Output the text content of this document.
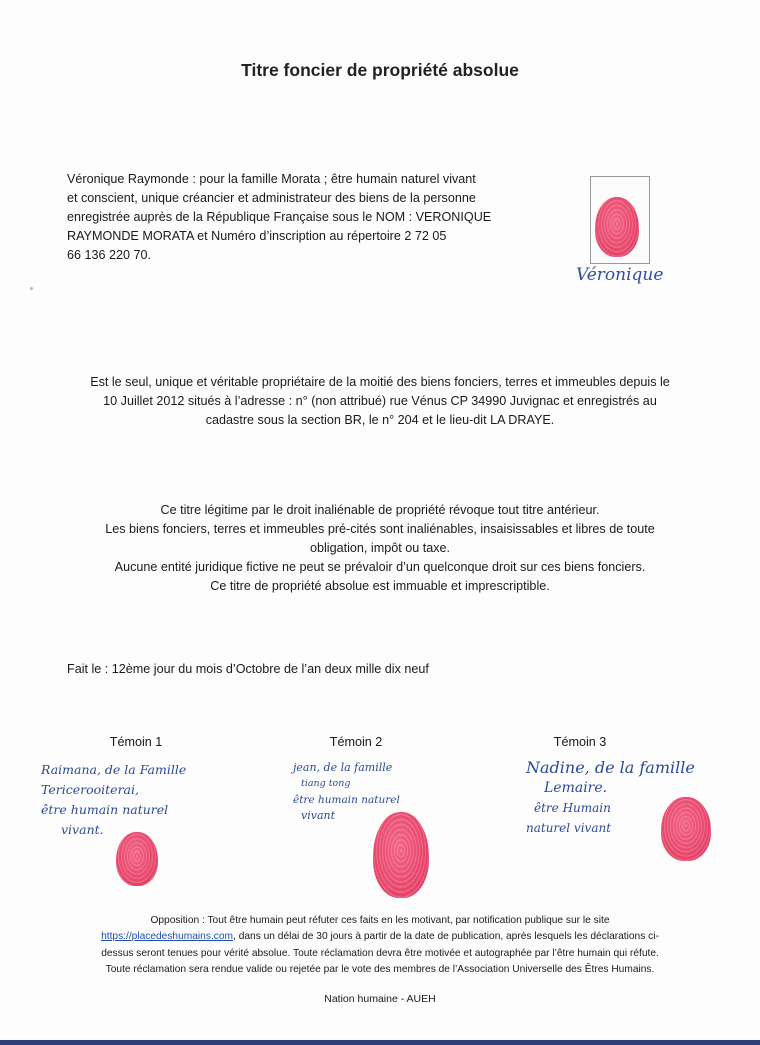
Titre foncier de propriété absolue
Véronique Raymonde : pour la famille Morata ; être humain naturel vivant
et conscient, unique créancier et administrateur des biens de la personne
enregistrée auprès de la République Française sous le NOM : VERONIQUE
RAYMONDE MORATA et Numéro d’inscription au répertoire 2 72 05
66 136 220 70.
Véronique
Est le seul, unique et véritable propriétaire de la moitié des biens fonciers, terres et immeubles depuis le
10 Juillet 2012 situés à l’adresse : n° (non attribué) rue Vénus CP 34990 Juvignac et enregistrés au
cadastre sous la section BR, le n° 204 et le lieu-dit LA DRAYE.
Ce titre légitime par le droit inaliénable de propriété révoque tout titre antérieur.
Les biens fonciers, terres et immeubles pré-cités sont inaliénables, insaisissables et libres de toute
obligation, impôt ou taxe.
Aucune entité juridique fictive ne peut se prévaloir d’un quelconque droit sur ces biens fonciers.
Ce titre de propriété absolue est immuable et imprescriptible.
Fait le : 12ème jour du mois d’Octobre de l’an deux mille dix neuf
Témoin 1
Raimana, de la Famille
Tericerooiterai,
être humain naturel
vivant.
Témoin 2
jean, de la famille
tiang tong
être humain naturel
vivant
Témoin 3
Nadine, de la famille
Lemaire.
être Humain
naturel vivant
Opposition : Tout être humain peut réfuter ces faits en les motivant, par notification publique sur le site
https://placedeshumains.com, dans un délai de 30 jours à partir de la date de publication, après lesquels les déclarations ci-
dessus seront tenues pour vérité absolue. Toute réclamation devra être motivée et autographée par l’être humain qui réfute.
Toute réclamation sera rendue valide ou rejetée par le vote des membres de l’Association Universelle des Êtres Humains.
Nation humaine - AUEH
